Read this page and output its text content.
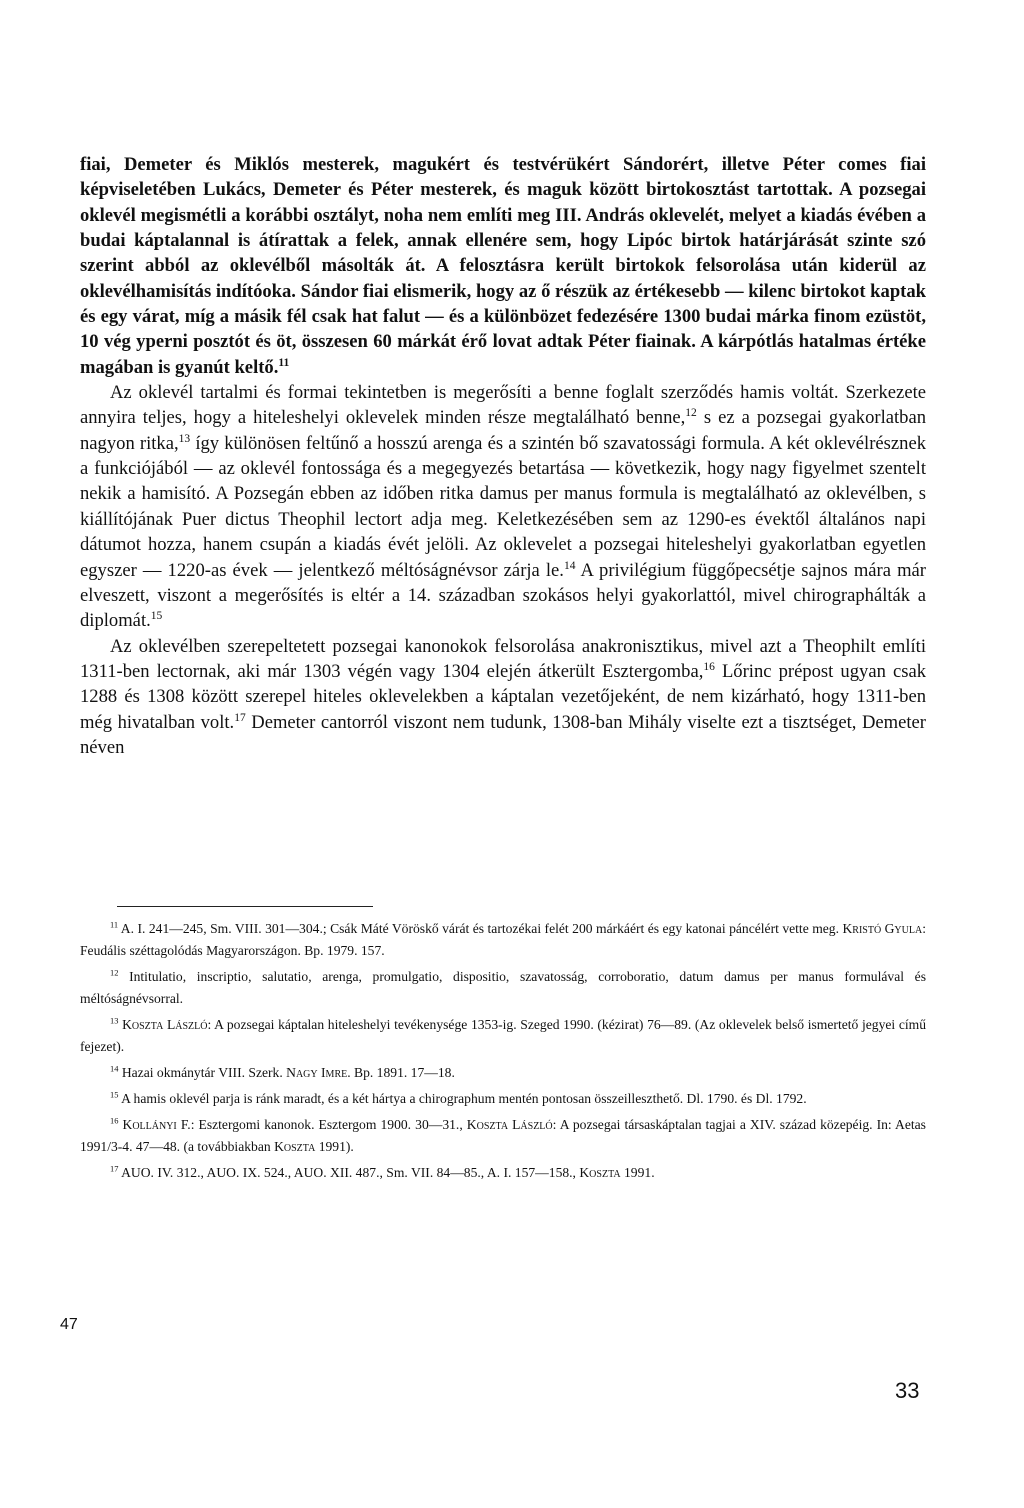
fiai, Demeter és Miklós mesterek, magukért és testvérükért Sándorért, illetve Péter comes fiai képviseletében Lukács, Demeter és Péter mesterek, és maguk között birtokosztást tartottak. A pozsegai oklevél megismétli a korábbi osztályt, noha nem említi meg III. András oklevelét, melyet a kiadás évében a budai káptalannal is átírattak a felek, annak ellenére sem, hogy Lipóc birtok határjárását szinte szó szerint abból az oklevélből másolták át. A felosztásra került birtokok felsorolása után kiderül az oklevélhamisítás indítóoka. Sándor fiai elismerik, hogy az ő részük az értékesebb — kilenc birtokot kaptak és egy várat, míg a másik fél csak hat falut — és a különbözet fedezésére 1300 budai márka finom ezüstöt, 10 vég yperni posztót és öt, összesen 60 márkát érő lovat adtak Péter fiainak. A kárpótlás hatalmas értéke magában is gyanút keltő.$^{11}$

Az oklevél tartalmi és formai tekintetben is megerősíti a benne foglalt szerződés hamis voltát. Szerkezete annyira teljes, hogy a hiteleshelyi oklevelek minden része megtalálható benne,$^{12}$ s ez a pozsegai gyakorlatban nagyon ritka,$^{13}$ így különösen feltűnő a hosszú arenga és a szintén bő szavatossági formula. A két oklevélrésznek a funkciójából — az oklevél fontossága és a megegyezés betartása — következik, hogy nagy figyelmet szentelt nekik a hamisító. A Pozsegán ebben az időben ritka damus per manus formula is megtalálható az oklevélben, s kiállítójának Puer dictus Theophil lectort adja meg. Keletkezésében sem az 1290-es évektől általános napi dátumot hozza, hanem csupán a kiadás évét jelöli. Az oklevelet a pozsegai hiteleshelyi gyakorlatban egyetlen egyszer — 1220-as évek — jelentkező méltóságnévsor zárja le.$^{14}$ A privilégium függőpecsétje sajnos mára már elveszett, viszont a megerősítés is eltér a 14. században szokásos helyi gyakorlattól, mivel chirographálták a diplomát.$^{15}$

Az oklevélben szerepeltetett pozsegai kanonokok felsorolása anakronisztikus, mivel azt a Theophilt említi 1311-ben lectornak, aki már 1303 végén vagy 1304 elején átkerült Esztergomba,$^{16}$ Lőrinc prépost ugyan csak 1288 és 1308 között szerepel hiteles oklevelekben a káptalan vezetőjeként, de nem kizárható, hogy 1311-ben még hivatalban volt.$^{17}$ Demeter cantorról viszont nem tudunk, 1308-ban Mihály viselte ezt a tisztséget, Demeter néven

$^{11}$ A. I. 241—245, Sm. VIII. 301—304.; Csák Máté Vöröskő várát és tartozékai felét 200 márkáért és egy katonai páncélért vette meg. Kristó Gyula: Feudális széttagolódás Magyarországon. Bp. 1979. 157.

$^{12}$ Intitulatio, inscriptio, salutatio, arenga, promulgatio, dispositio, szavatosság, corroboratio, datum damus per manus formulával és méltóságnévsorral.

$^{13}$ Koszta László: A pozsegai káptalan hiteleshelyi tevékenysége 1353-ig. Szeged 1990. (kézirat) 76—89. (Az oklevelek belső ismertető jegyei című fejezet).

$^{14}$ Hazai okmánytár VIII. Szerk. Nagy Imre. Bp. 1891. 17—18.

$^{15}$ A hamis oklevél parja is ránk maradt, és a két hártya a chirographum mentén pontosan összeilleszthető. Dl. 1790. és Dl. 1792.

$^{16}$ Kollányi F.: Esztergomi kanonok. Esztergom 1900. 30—31., Koszta László: A pozsegai társaskáptalan tagjai a XIV. század közepéig. In: Aetas 1991/3-4. 47—48. (a továbbiakban Koszta 1991).

$^{17}$ AUO. IV. 312., AUO. IX. 524., AUO. XII. 487., Sm. VII. 84—85., A. I. 157—158., Koszta 1991.

47
33
